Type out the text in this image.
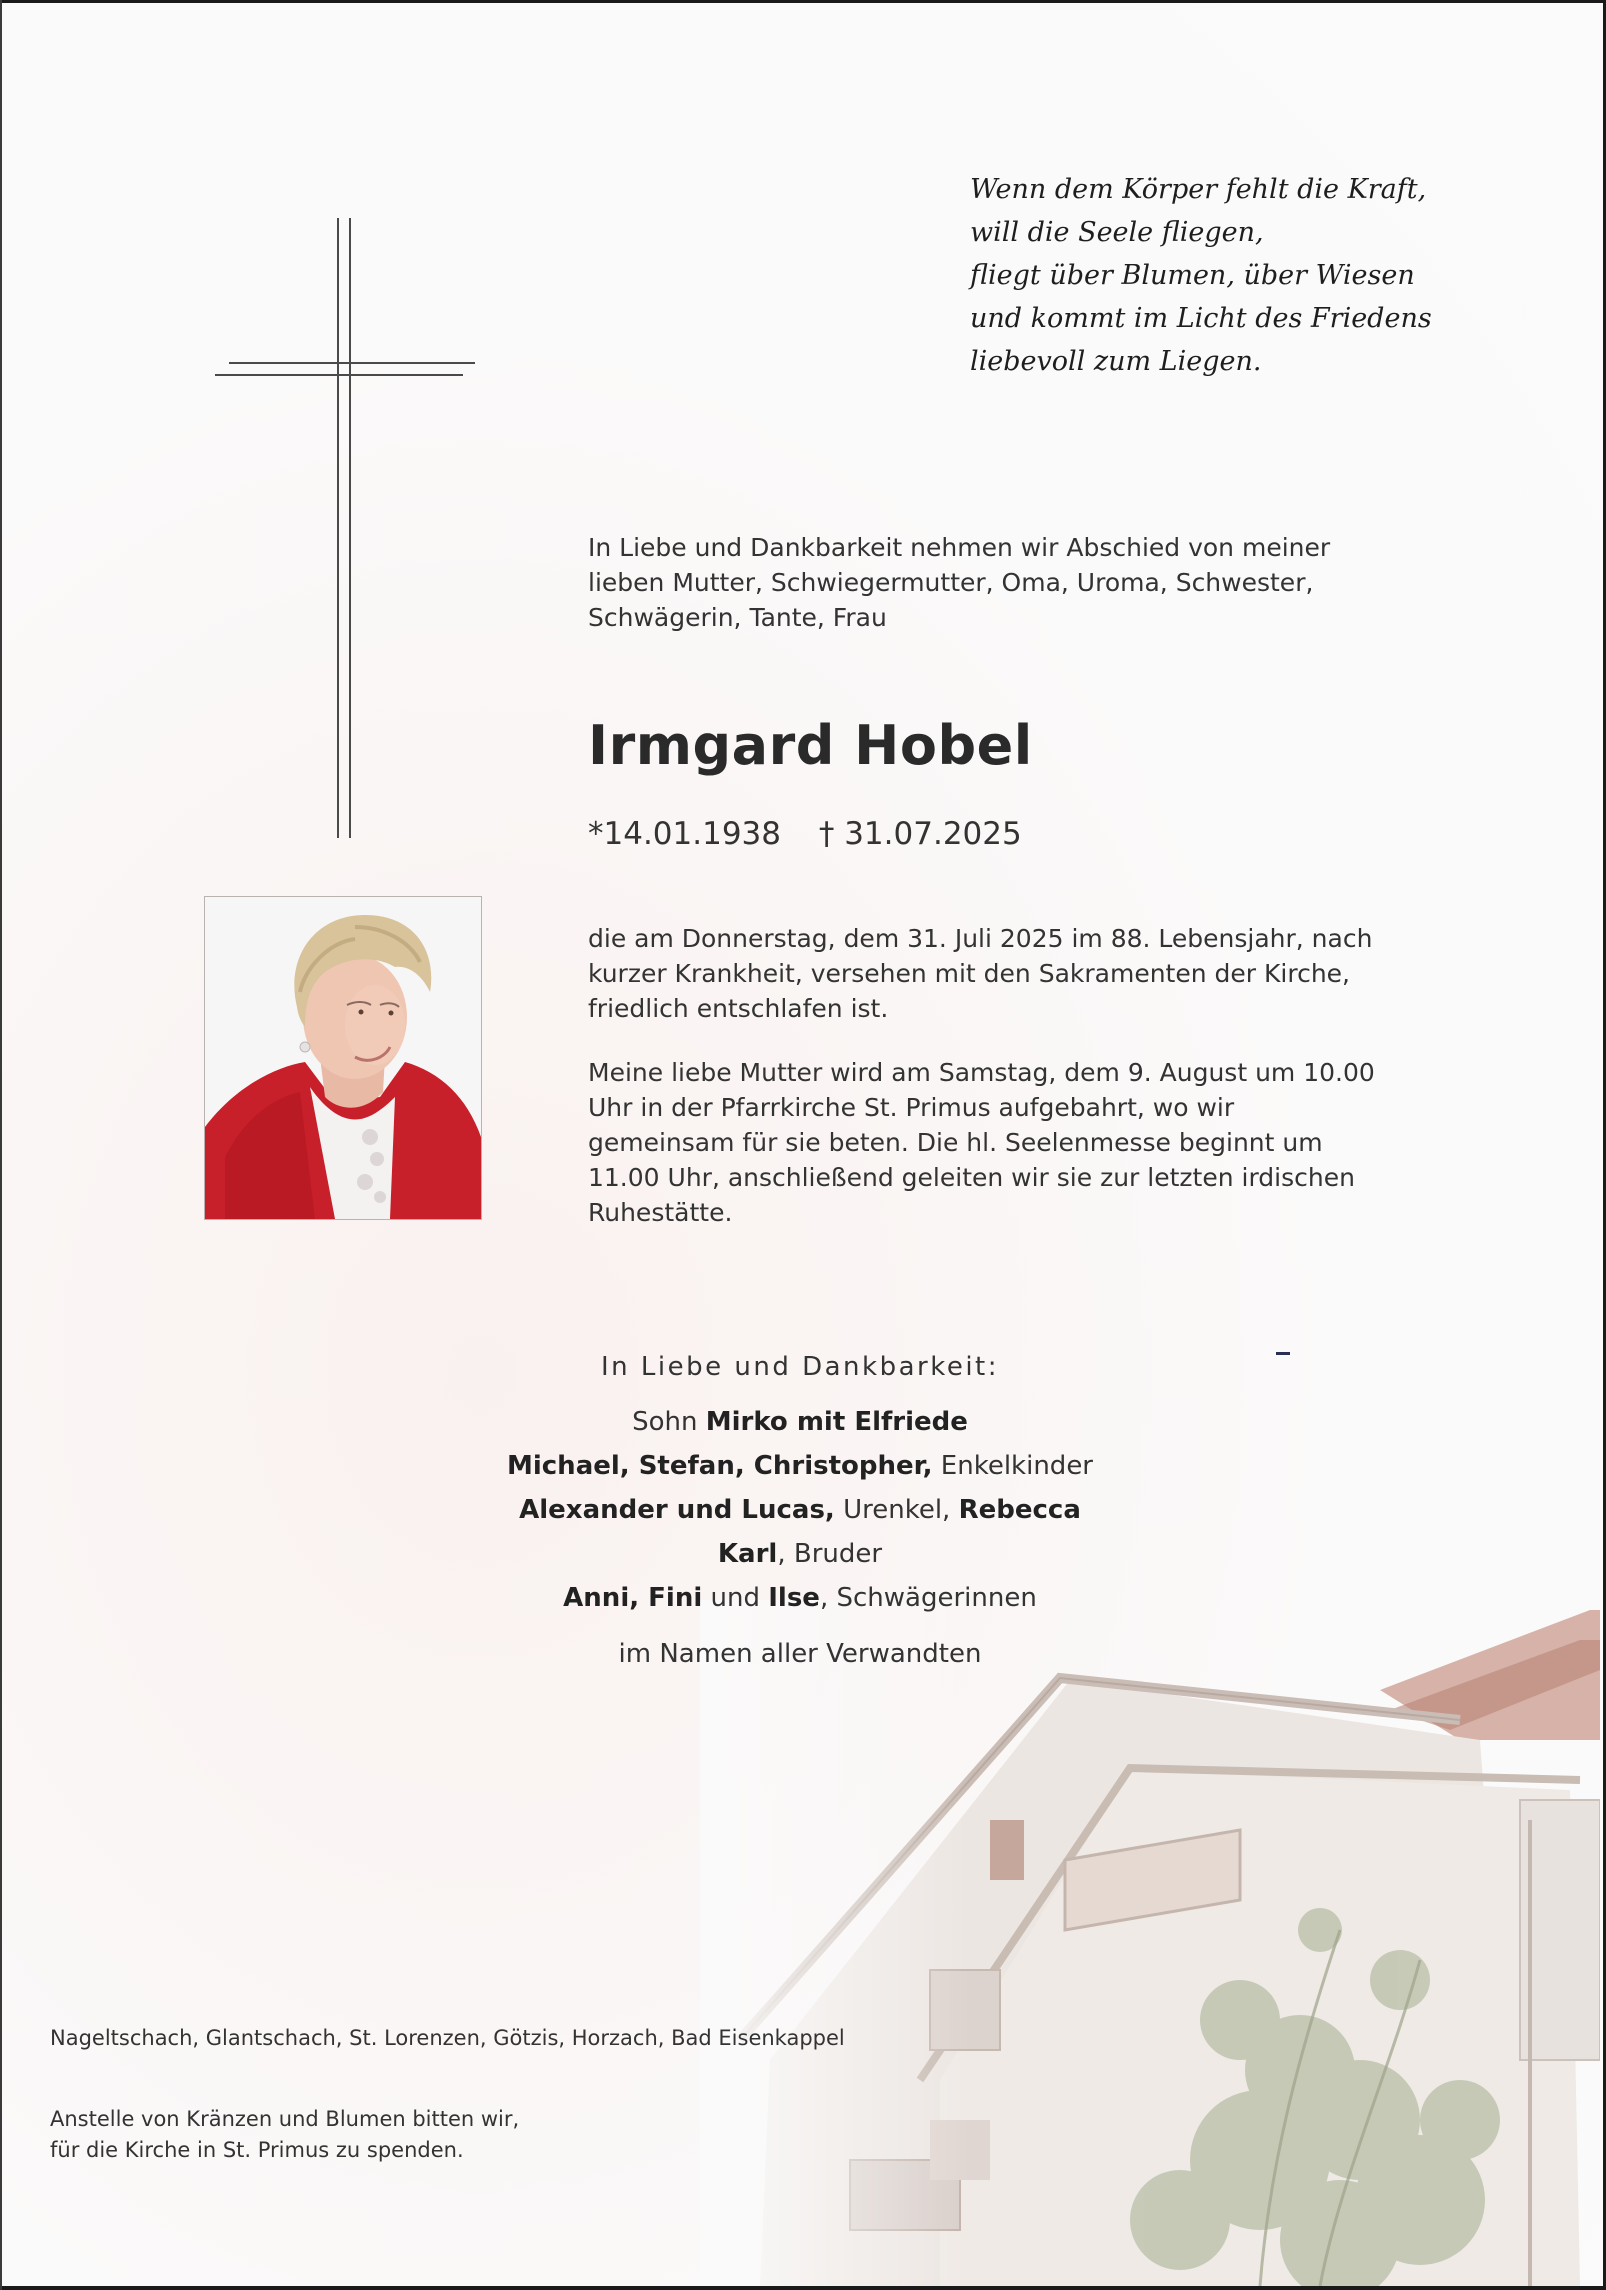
Wenn dem Körper fehlt die Kraft,
will die Seele fliegen,
fliegt über Blumen, über Wiesen
und kommt im Licht des Friedens
liebevoll zum Liegen.
In Liebe und Dankbarkeit nehmen wir Abschied von meiner lieben Mutter, Schwiegermutter, Oma, Uroma, Schwester, Schwägerin, Tante, Frau
Irmgard Hobel
*14.01.1938 † 31.07.2025
die am Donnerstag, dem 31. Juli 2025 im 88. Lebensjahr, nach kurzer Krankheit, versehen mit den Sakramenten der Kirche, friedlich entschlafen ist.
Meine liebe Mutter wird am Samstag, dem 9. August um 10.00 Uhr in der Pfarrkirche St. Primus aufgebahrt, wo wir gemeinsam für sie beten. Die hl. Seelenmesse beginnt um 11.00 Uhr, anschließend geleiten wir sie zur letzten irdischen Ruhestätte.
In Liebe und Dankbarkeit:
Sohn Mirko mit Elfriede
Michael, Stefan, Christopher, Enkelkinder
Alexander und Lucas, Urenkel, Rebecca
Karl, Bruder
Anni, Fini und Ilse, Schwägerinnen
im Namen aller Verwandten
Nageltschach, Glantschach, St. Lorenzen, Götzis, Horzach, Bad Eisenkappel
Anstelle von Kränzen und Blumen bitten wir,
für die Kirche in St. Primus zu spenden.
